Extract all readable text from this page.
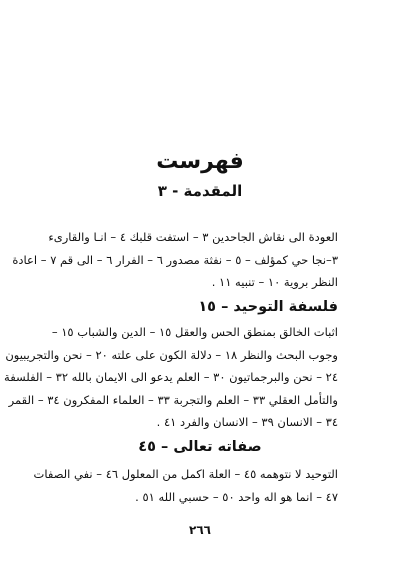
فهرست
المقدمة - ٣
العودة الى نقاش الجاحدين ٣ – استفت قلبك ٤ – انـا والقارىء
٣–نجا حي كمؤلف – ٥ – نفثة مصدور ٦ – الفرار ٦ – الى قم ٧ – اعادة
النظر بروية ١٠ – تنبيه ١١ .
فلسفة التوحيد – ١٥
اثبات الخالق بمنطق الحس والعقل ١٥ – الدين والشباب ١٥ –
وجوب البحث والنظر ١٨ – دلالة الكون على علته ٢٠ – نحن والتجريبيون
٢٤ – نحن والبرجماتيون ٣٠ – العلم يدعو الى الايمان بالله ٣٢ – الفلسفة
والتأمل العقلي ٣٣ – العلم والتجربة ٣٣ – العلماء المفكرون ٣٤ – القمر
٣٤ – الانسان ٣٩ – الانسان والفرد ٤١ .
صفاته تعالى – ٤٥
التوحيد لا نتوهمه ٤٥ – العلة اكمل من المعلول ٤٦ – نفي الصفات
٤٧ – انما هو اله واحد ٥٠ – حسبي الله ٥١ .
٢٦٦
